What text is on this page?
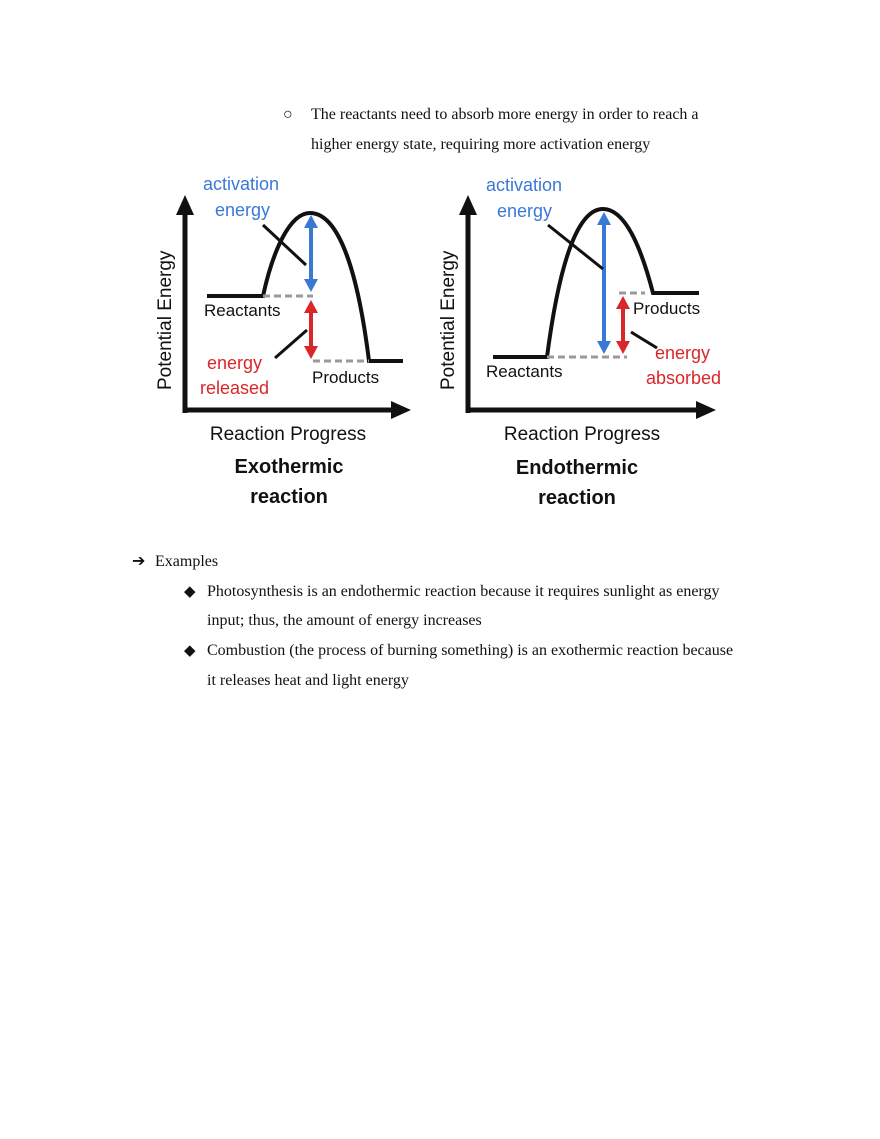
○ The reactants need to absorb more energy in order to reach a
higher energy state, requiring more activation energy
activation
energy
Potential Energy Reactants
Products
energy
released
Reaction Progress
Exothermic
reaction
activation
energy
Potential Energy Reactants
Products
energy
absorbed
Reaction Progress
Endothermic
reaction
➔ Examples
◆ Photosynthesis is an endothermic reaction because it requires sunlight as energy
input; thus, the amount of energy increases
◆ Combustion (the process of burning something) is an exothermic reaction because
it releases heat and light energy
